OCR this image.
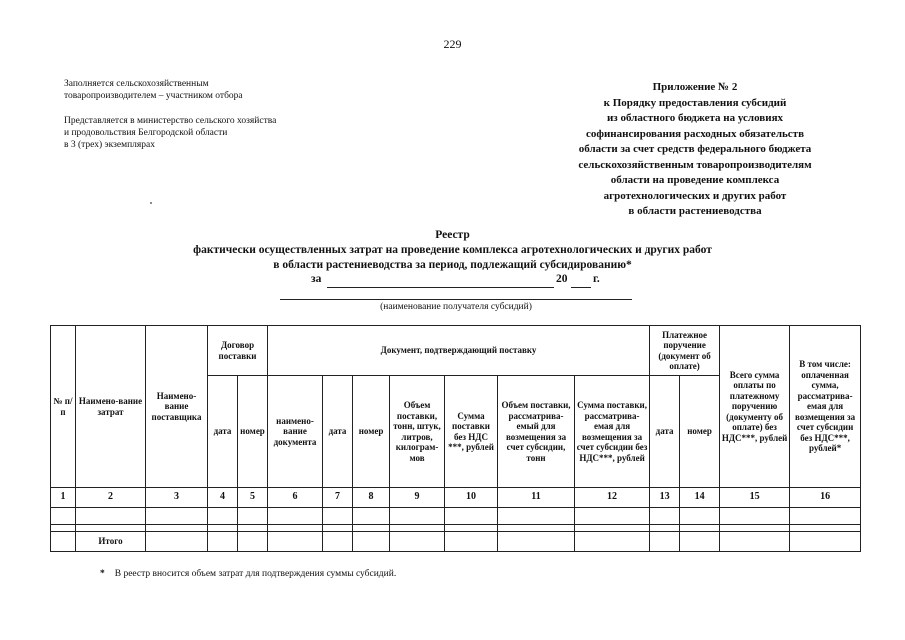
229
Заполняется сельскохозяйственным
товаропроизводителем – участником отбора
Представляется в министерство сельского хозяйства
и продовольствия Белгородской области
в 3 (трех) экземплярах
Приложение № 2
к Порядку предоставления субсидий
из областного бюджета на условиях
софинансирования расходных обязательств
области за счет средств федерального бюджета
сельскохозяйственным товаропроизводителям
области на проведение комплекса
агротехнологических и других работ
в области растениеводства
Реестр
фактически осуществленных затрат на проведение комплекса агротехнологических и других работ
в области растениеводства за период, подлежащий субсидированию*
за	20 г.
(наименование получателя субсидий)
№ п/п	Наимено-вание затрат	Наимено-вание поставщика	Договор поставки		Документ, подтверждающий поставку							Платежное поручение (документ об оплате)		Всего сумма оплаты по платежному поручению (документу об оплате) без НДС***, рублей	В том числе: оплаченная сумма, рассматрива-емая для возмещения за счет субсидии без НДС***, рублей*
			дата	номер	наимено-вание документа	дата	номер	Объем поставки, тонн, штук, литров, килограм-мов	Сумма поставки без НДС ***, рублей	Объем поставки, рассматрива-емый для возмещения за счет субсидии, тонн	Сумма поставки, рассматрива-емая для возмещения за счет субсидии без НДС***, рублей	дата	номер		
1	2	3	4	5	6	7	8	9	10	11	12	13	14	15	16

	Итого														
* В реестр вносится объем затрат для подтверждения суммы субсидий.
